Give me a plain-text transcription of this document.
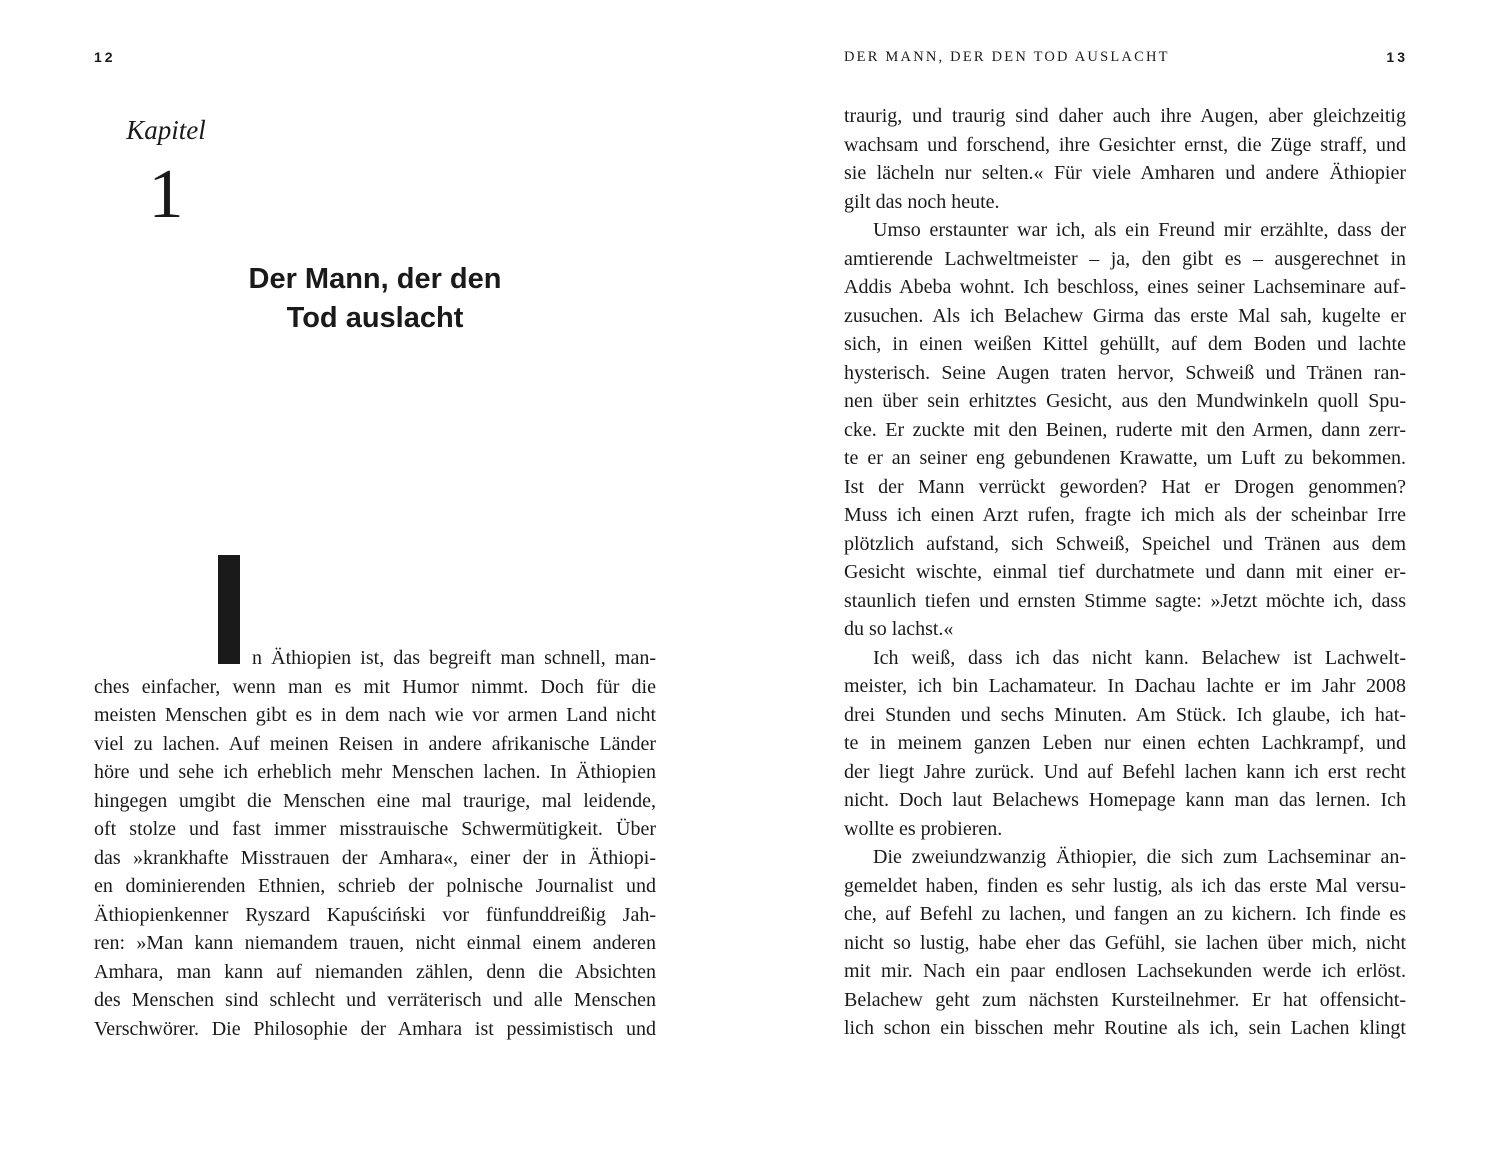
12
Kapitel
1
Der Mann, der den
Tod auslacht
n Äthiopien ist, das begreift man schnell, man-
ches einfacher, wenn man es mit Humor nimmt. Doch für die
meisten Menschen gibt es in dem nach wie vor armen Land nicht
viel zu lachen. Auf meinen Reisen in andere afrikanische Länder
höre und sehe ich erheblich mehr Menschen lachen. In Äthiopien
hingegen umgibt die Menschen eine mal traurige, mal leidende,
oft stolze und fast immer misstrauische Schwermütigkeit. Über
das »krankhafte Misstrauen der Amhara«, einer der in Äthiopi-
en dominierenden Ethnien, schrieb der polnische Journalist und
Äthiopienkenner Ryszard Kapuściński vor fünfunddreißig Jah-
ren: »Man kann niemandem trauen, nicht einmal einem anderen
Amhara, man kann auf niemanden zählen, denn die Absichten
des Menschen sind schlecht und verräterisch und alle Menschen
Verschwörer. Die Philosophie der Amhara ist pessimistisch und
DER MANN, DER DEN TOD AUSLACHT	13
traurig, und traurig sind daher auch ihre Augen, aber gleichzeitig
wachsam und forschend, ihre Gesichter ernst, die Züge straff, und
sie lächeln nur selten.« Für viele Amharen und andere Äthiopier
gilt das noch heute.
Umso erstaunter war ich, als ein Freund mir erzählte, dass der
amtierende Lachweltmeister – ja, den gibt es – ausgerechnet in
Addis Abeba wohnt. Ich beschloss, eines seiner Lachseminare auf-
zusuchen. Als ich Belachew Girma das erste Mal sah, kugelte er
sich, in einen weißen Kittel gehüllt, auf dem Boden und lachte
hysterisch. Seine Augen traten hervor, Schweiß und Tränen ran-
nen über sein erhitztes Gesicht, aus den Mundwinkeln quoll Spu-
cke. Er zuckte mit den Beinen, ruderte mit den Armen, dann zerr-
te er an seiner eng gebundenen Krawatte, um Luft zu bekommen.
Ist der Mann verrückt geworden? Hat er Drogen genommen?
Muss ich einen Arzt rufen, fragte ich mich als der scheinbar Irre
plötzlich aufstand, sich Schweiß, Speichel und Tränen aus dem
Gesicht wischte, einmal tief durchatmete und dann mit einer er-
staunlich tiefen und ernsten Stimme sagte: »Jetzt möchte ich, dass
du so lachst.«
Ich weiß, dass ich das nicht kann. Belachew ist Lachwelt-
meister, ich bin Lachamateur. In Dachau lachte er im Jahr 2008
drei Stunden und sechs Minuten. Am Stück. Ich glaube, ich hat-
te in meinem ganzen Leben nur einen echten Lachkrampf, und
der liegt Jahre zurück. Und auf Befehl lachen kann ich erst recht
nicht. Doch laut Belachews Homepage kann man das lernen. Ich
wollte es probieren.
Die zweiundzwanzig Äthiopier, die sich zum Lachseminar an-
gemeldet haben, finden es sehr lustig, als ich das erste Mal versu-
che, auf Befehl zu lachen, und fangen an zu kichern. Ich finde es
nicht so lustig, habe eher das Gefühl, sie lachen über mich, nicht
mit mir. Nach ein paar endlosen Lachsekunden werde ich erlöst.
Belachew geht zum nächsten Kursteilnehmer. Er hat offensicht-
lich schon ein bisschen mehr Routine als ich, sein Lachen klingt
